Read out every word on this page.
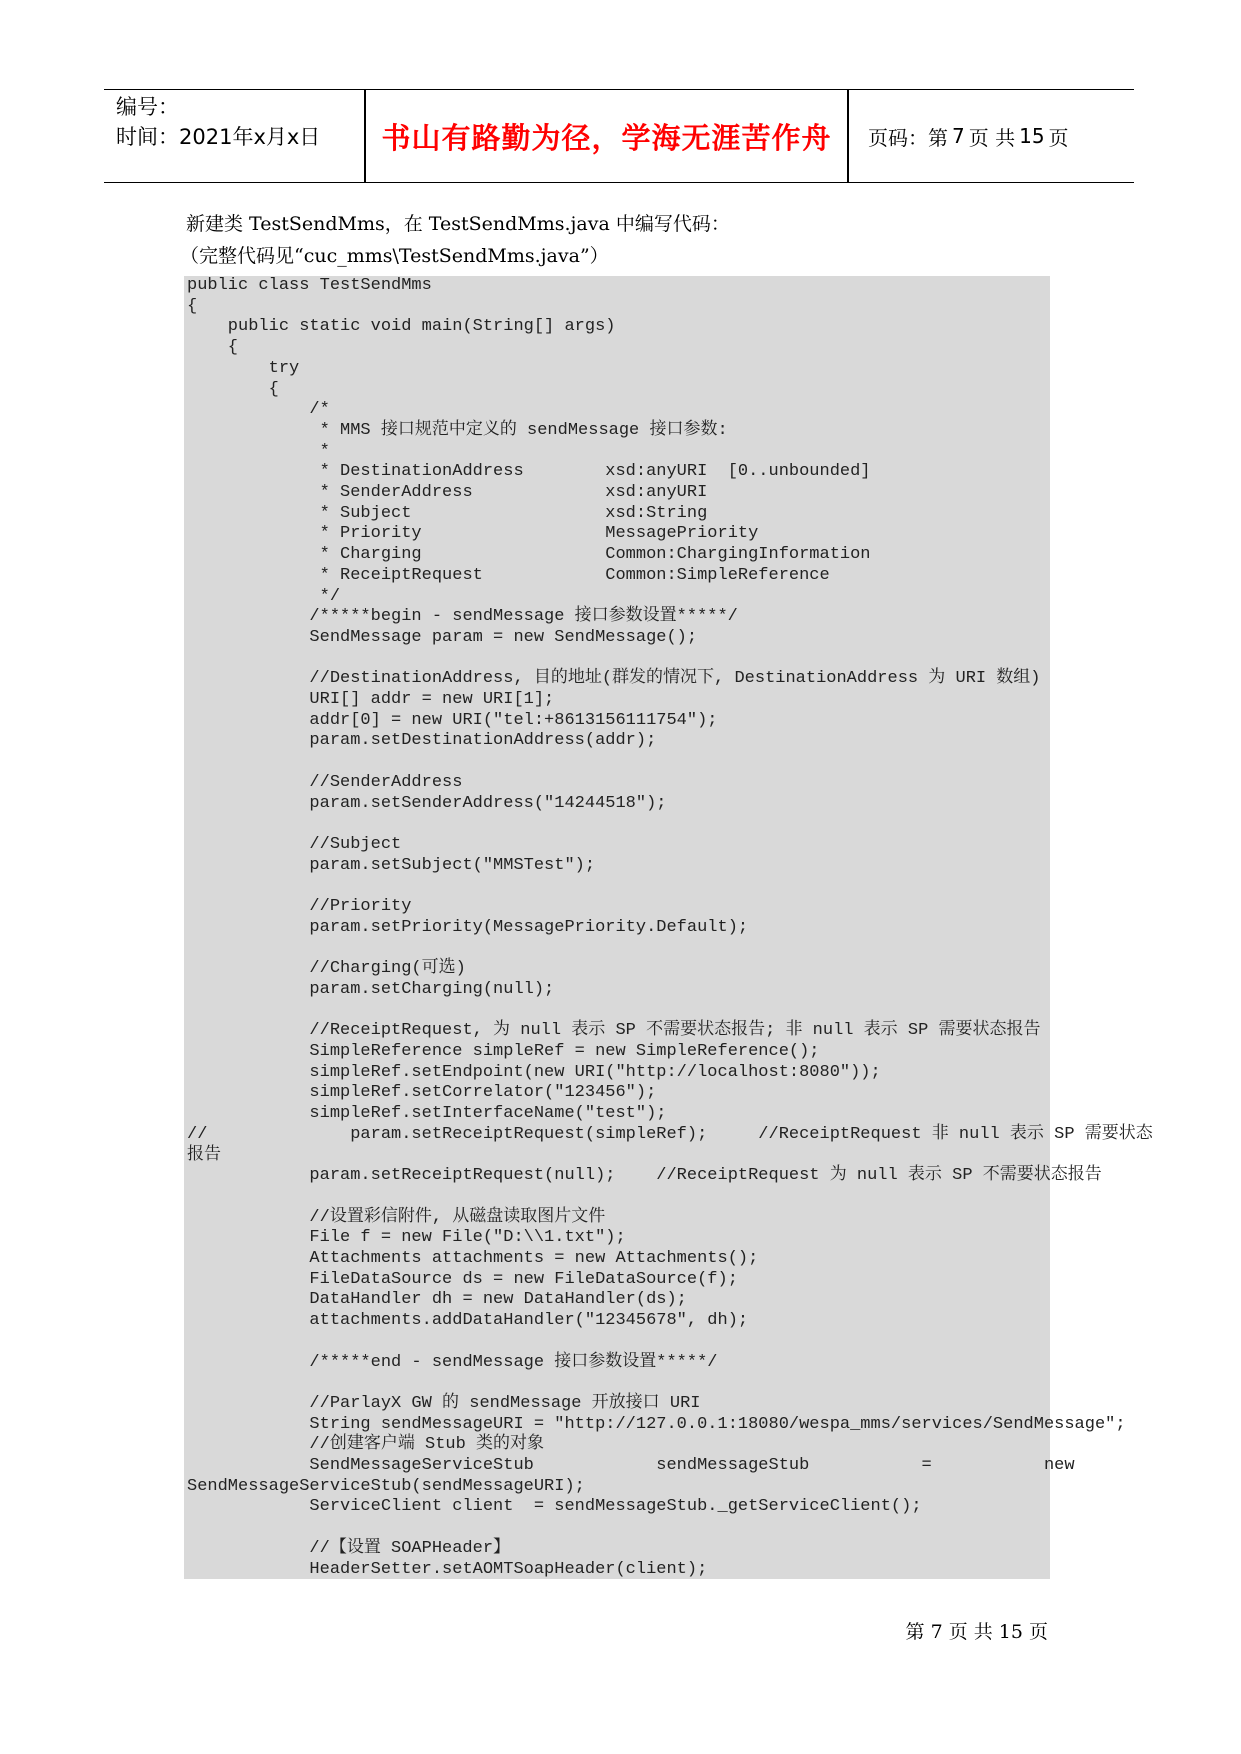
编号：
时间：2021年x月x日	书山有路勤为径，学海无涯苦作舟	页码：第 7 页 共 15 页
新建类 TestSendMms，在 TestSendMms.java 中编写代码：
（完整代码见“cuc_mms\TestSendMms.java”）
public class TestSendMms
{
public static void main(String[] args)
{
try
{
/*
* MMS 接口规范中定义的 sendMessage 接口参数:
*
* DestinationAddress        xsd:anyURI  [0..unbounded]
* SenderAddress             xsd:anyURI
* Subject                   xsd:String
* Priority                  MessagePriority
* Charging                  Common:ChargingInformation
* ReceiptRequest            Common:SimpleReference
*/
/*****begin - sendMessage 接口参数设置*****/
SendMessage param = new SendMessage();

//DestinationAddress, 目的地址(群发的情况下, DestinationAddress 为 URI 数组)
URI[] addr = new URI[1];
addr[0] = new URI("tel:+8613156111754");
param.setDestinationAddress(addr);

//SenderAddress
param.setSenderAddress("14244518");

//Subject
param.setSubject("MMSTest");

//Priority
param.setPriority(MessagePriority.Default);

//Charging(可选)
param.setCharging(null);

//ReceiptRequest, 为 null 表示 SP 不需要状态报告; 非 null 表示 SP 需要状态报告
SimpleReference simpleRef = new SimpleReference();
simpleRef.setEndpoint(new URI("http://localhost:8080"));
simpleRef.setCorrelator("123456");
simpleRef.setInterfaceName("test");
//              param.setReceiptRequest(simpleRef);     //ReceiptRequest 非 null 表示 SP 需要状态
报告
param.setReceiptRequest(null);    //ReceiptRequest 为 null 表示 SP 不需要状态报告

//设置彩信附件, 从磁盘读取图片文件
File f = new File("D:\\1.txt");
Attachments attachments = new Attachments();
FileDataSource ds = new FileDataSource(f);
DataHandler dh = new DataHandler(ds);
attachments.addDataHandler("12345678", dh);

/*****end - sendMessage 接口参数设置*****/

//ParlayX GW 的 sendMessage 开放接口 URI
String sendMessageURI = "http://127.0.0.1:18080/wespa_mms/services/SendMessage";
//创建客户端 Stub 类的对象
SendMessageServiceStub            sendMessageStub           =           new
SendMessageServiceStub(sendMessageURI);
ServiceClient client  = sendMessageStub._getServiceClient();

//【设置 SOAPHeader】
HeaderSetter.setAOMTSoapHeader(client);
第 7 页 共 15 页
